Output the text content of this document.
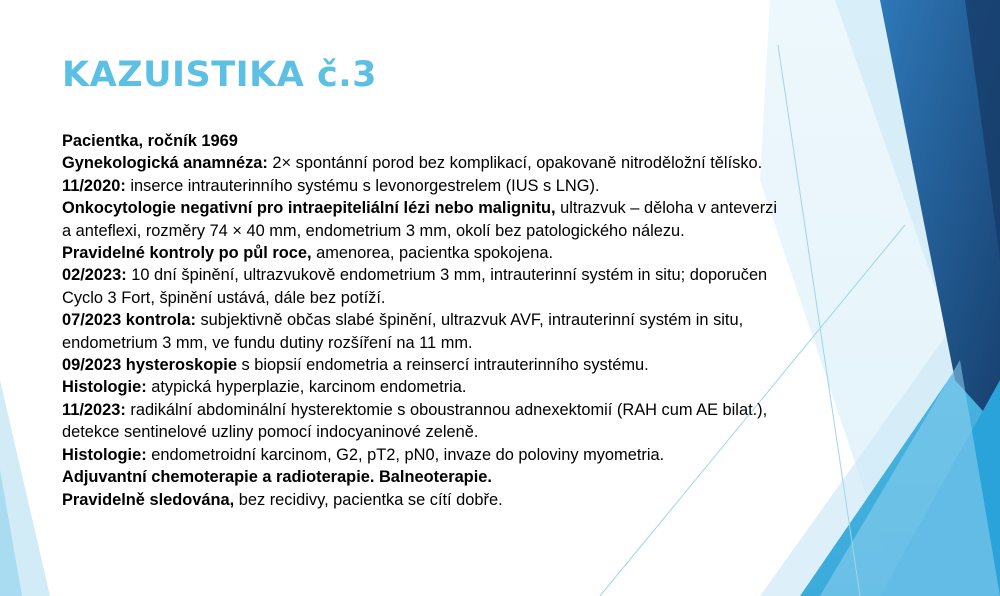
KAZUISTIKA č.3

Pacientka, ročník 1969

Gynekologická anamnéza: 2× spontánní porod bez komplikací, opakovaně nitroděložní tělísko.

11/2020: inserce intrauterinního systému s levonorgestrelem (IUS s LNG).

Onkocytologie negativní pro intraepiteliální lézi nebo malignitu, ultrazvuk – děloha v anteverzi

a anteflexi, rozměry 74 × 40 mm, endometrium 3 mm, okolí bez patologického nálezu.

Pravidelné kontroly po půl roce, amenorea, pacientka spokojena.

02/2023: 10 dní špinění, ultrazvukově endometrium 3 mm, intrauterinní systém in situ; doporučen

Cyclo 3 Fort, špinění ustává, dále bez potíží.

07/2023 kontrola: subjektivně občas slabé špinění, ultrazvuk AVF, intrauterinní systém in situ,

endometrium 3 mm, ve fundu dutiny rozšíření na 11 mm.

09/2023 hysteroskopie s biopsií endometria a reinsercí intrauterinního systému.

Histologie: atypická hyperplazie, karcinom endometria.

11/2023: radikální abdominální hysterektomie s oboustrannou adnexektomií (RAH cum AE bilat.),

detekce sentinelové uzliny pomocí indocyaninové zeleně.

Histologie: endometroidní karcinom, G2, pT2, pN0, invaze do poloviny myometria.

Adjuvantní chemoterapie a radioterapie. Balneoterapie.

Pravidelně sledována, bez recidivy, pacientka se cítí dobře.
